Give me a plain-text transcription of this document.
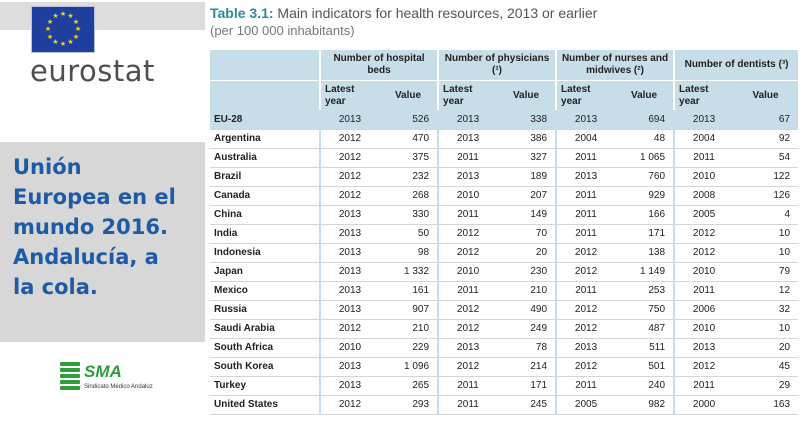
★ ★
★
★
★
★
★
★
★
★
★
★
eurostat
Unión
Europea en el
mundo 2016.
Andalucía, a
la cola.
SMA
Sindicato Médico Andaluz
Table 3.1: Main indicators for health resources, 2013 or earlier
(per 100 000 inhabitants)
	Number of hospital beds		Number of physicians (¹)		Number of nurses and midwives (²)		Number of dentists (³)	
	Latest year	Value	Latest year	Value	Latest year	Value	Latest year	Value
EU-28	2013	526	2013	338	2013	694	2013	67
Argentina	2012	470	2013	386	2004	48	2004	92
Australia	2012	375	2011	327	2011	1 065	2011	54
Brazil	2012	232	2013	189	2013	760	2010	122
Canada	2012	268	2010	207	2011	929	2008	126
China	2013	330	2011	149	2011	166	2005	4
India	2013	50	2012	70	2011	171	2012	10
Indonesia	2013	98	2012	20	2012	138	2012	10
Japan	2013	1 332	2010	230	2012	1 149	2010	79
Mexico	2013	161	2011	210	2011	253	2011	12
Russia	2013	907	2012	490	2012	750	2006	32
Saudi Arabia	2012	210	2012	249	2012	487	2010	10
South Africa	2010	229	2013	78	2013	511	2013	20
South Korea	2013	1 096	2012	214	2012	501	2012	45
Turkey	2013	265	2011	171	2011	240	2011	29
United States	2012	293	2011	245	2005	982	2000	163
